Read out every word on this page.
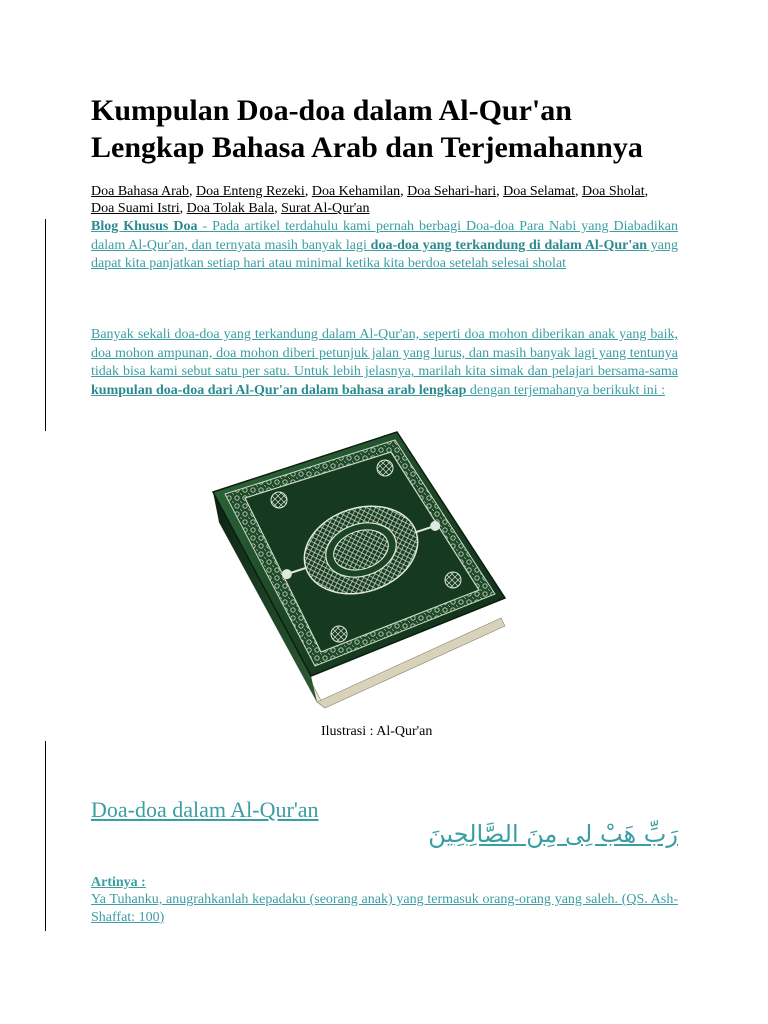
Kumpulan Doa-doa dalam Al-Qur'an
Lengkap Bahasa Arab dan Terjemahannya
Doa Bahasa Arab, Doa Enteng Rezeki, Doa Kehamilan, Doa Sehari-hari, Doa Selamat, Doa Sholat, Doa Suami Istri, Doa Tolak Bala, Surat Al-Qur'an
Blog Khusus Doa - Pada artikel terdahulu kami pernah berbagi Doa-doa Para Nabi yang Diabadikan dalam Al-Qur'an, dan ternyata masih banyak lagi doa-doa yang terkandung di dalam Al-Qur'an yang dapat kita panjatkan setiap hari atau minimal ketika kita berdoa setelah selesai sholat
Banyak sekali doa-doa yang terkandung dalam Al-Qur'an, seperti doa mohon diberikan anak yang baik, doa mohon ampunan, doa mohon diberi petunjuk jalan yang lurus, dan masih banyak lagi yang tentunya tidak bisa kami sebut satu per satu. Untuk lebih jelasnya, marilah kita simak dan pelajari bersama-sama kumpulan doa-doa dari Al-Qur'an dalam bahasa arab lengkap dengan terjemahanya berikukt ini :
Ilustrasi : Al-Qur'an
Doa-doa dalam Al-Qur'an
رَبِّ هَبْ لِى مِنَ الصَّالِحِينَ
Artinya :
Ya Tuhanku, anugrahkanlah kepadaku (seorang anak) yang termasuk orang-orang yang saleh. (QS. Ash-Shaffat: 100)
